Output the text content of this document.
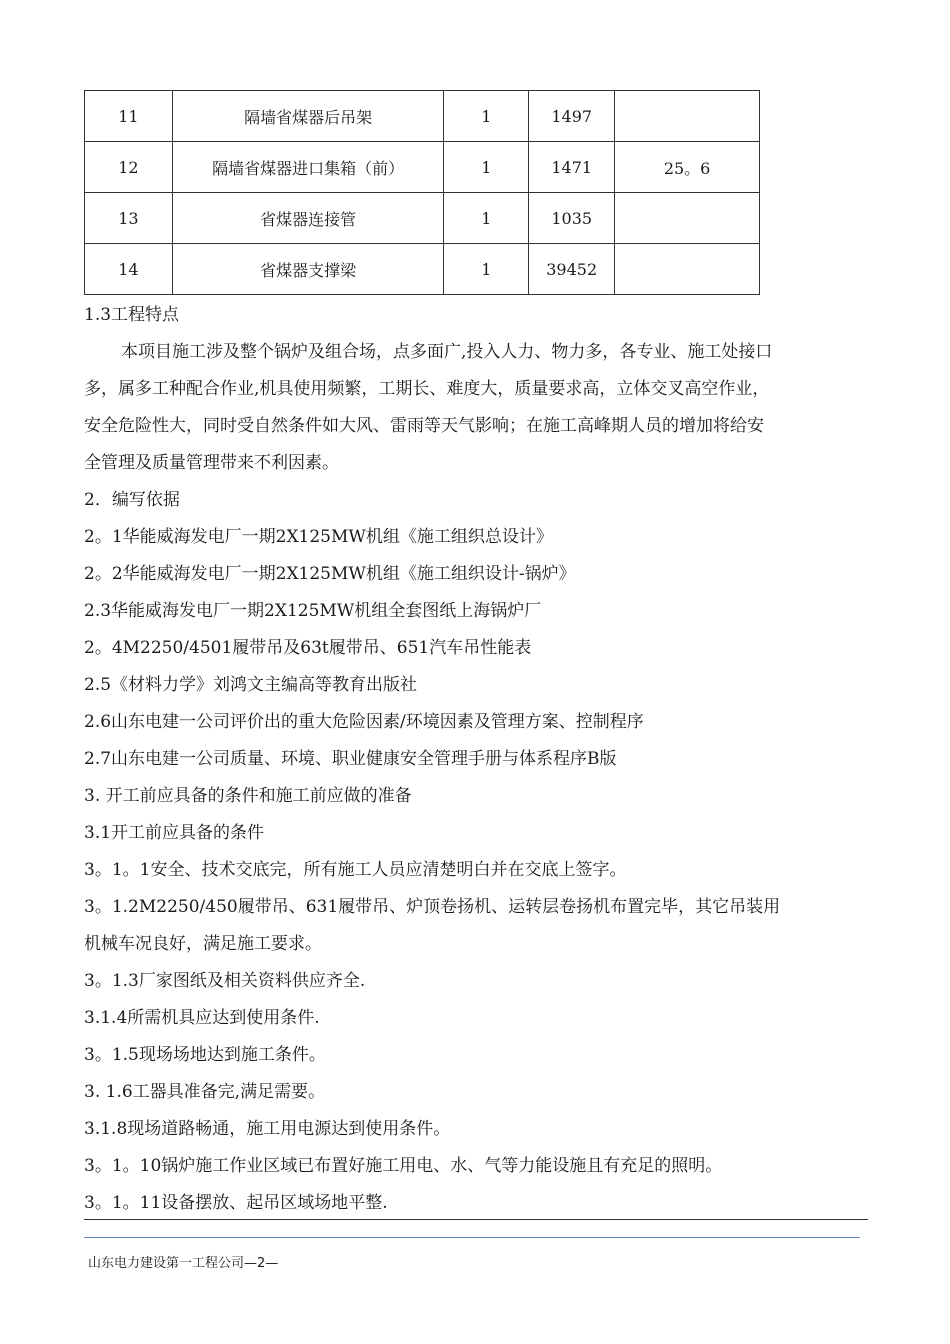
11	隔墙省煤器后吊架	1	1497	
12	隔墙省煤器进口集箱（前）	1	1471	25。6
13	省煤器连接管	1	1035	
14	省煤器支撑梁	1	39452	
1.3工程特点
本项目施工涉及整个锅炉及组合场，点多面广,投入人力、物力多，各专业、施工处接口
多，属多工种配合作业,机具使用频繁，工期长、难度大，质量要求高，立体交叉高空作业，
安全危险性大，同时受自然条件如大风、雷雨等天气影响；在施工高峰期人员的增加将给安
全管理及质量管理带来不利因素。
2．编写依据
2。1华能威海发电厂一期2X125MW机组《施工组织总设计》
2。2华能威海发电厂一期2X125MW机组《施工组织设计-锅炉》
2.3华能威海发电厂一期2X125MW机组全套图纸上海锅炉厂
2。4M2250/4501履带吊及63t履带吊、651汽车吊性能表
2.5《材料力学》刘鸿文主编高等教育出版社
2.6山东电建一公司评价出的重大危险因素/环境因素及管理方案、控制程序
2.7山东电建一公司质量、环境、职业健康安全管理手册与体系程序B版
3. 开工前应具备的条件和施工前应做的准备
3.1开工前应具备的条件
3。1。1安全、技术交底完，所有施工人员应清楚明白并在交底上签字。
3。1.2M2250/450履带吊、631履带吊、炉顶卷扬机、运转层卷扬机布置完毕，其它吊装用
机械车况良好，满足施工要求。
3。1.3厂家图纸及相关资料供应齐全.
3.1.4所需机具应达到使用条件.
3。1.5现场场地达到施工条件。
3. 1.6工器具准备完,满足需要。
3.1.8现场道路畅通，施工用电源达到使用条件。
3。1。10锅炉施工作业区域已布置好施工用电、水、气等力能设施且有充足的照明。
3。1。11设备摆放、起吊区域场地平整.
山东电力建设第一工程公司—2—
